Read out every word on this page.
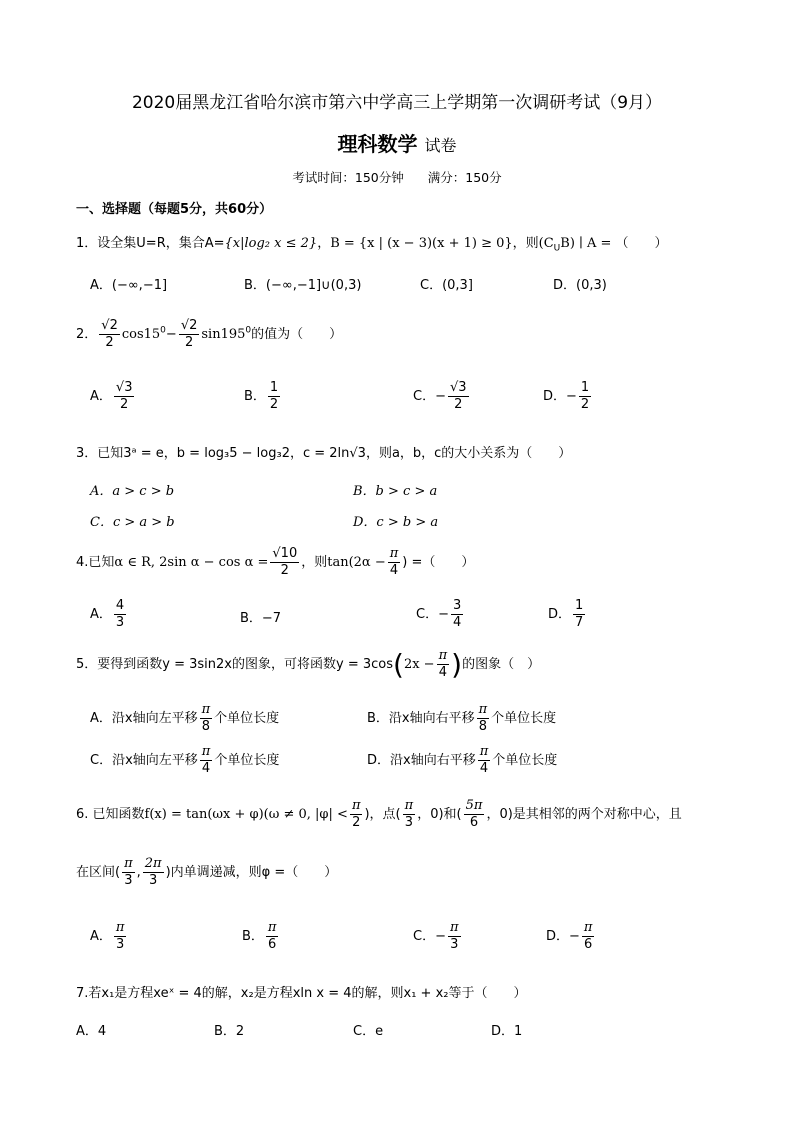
2020届黑龙江省哈尔滨市第六中学高三上学期第一次调研考试（9月）
理科数学 试卷
考试时间：150分钟 满分：150分
一、选择题（每题5分，共60分）
1．设全集U=R，集合A={x|log₂ x ≤ 2}，B = {x | (x − 3)(x + 1) ≥ 0}，则$(C_UB)$ ∣ A = （　　）
A．(−∞,−1]	B．(−∞,−1]∪(0,3)	C．(0,3]	D．(0,3)
2． $\frac{√2}{2} \cos 15^0- \frac{√2}{2} \sin 195^0$的值为（　　）
A． $\frac{√3}{2}$	B． $\frac{1}{2}$	C．− $\frac{√3}{2}$	D．− $\frac{1}{2}$
3．已知3ᵃ = e，b = log₃5 − log₃2，c = 2ln√3，则a，b，c的大小关系为（　　）
A．a > c > b	B．b > c > a
C．c > a > b	D．c > b > a
4.已知α ∈ R, 2sin $\alpha - \cos \alpha = \frac{√10}{2}$ ，则$\tan(2\alpha - \frac{\pi}{4}$ ) =（　　）
A． $\frac{4}{3}$	B．−7	C．− $\frac{3}{4}$	D． $\frac{1}{7}$
5．要得到函数y = 3sin2x的图象，可将函数$y = 3\cos(2x - \frac{\pi}{4}$ )的图象（　）
A．沿x轴向左平移 $\frac{\pi}{8}$ 个单位长度	B．沿x轴向右平移 $\frac{\pi}{8}$ 个单位长度
C．沿x轴向左平移 $\frac{\pi}{4}$ 个单位长度	D．沿x轴向右平移 $\frac{\pi}{4}$ 个单位长度
6. 已知函数f(x) = tan(ωx + φ)(ω ≠ 0, $|\varphi| < \frac{\pi}{2}$ )，点( $\frac{\pi}{3}$ ，0)和( $\frac{5\pi}{6}$ ，0)是其相邻的两个对称中心，且
在区间( $\frac{\pi}{3}$ , $\frac{2\pi}{3}$ )内单调递减，则φ =（　　）
A． $\frac{\pi}{3}$	B． $\frac{\pi}{6}$	C．− $\frac{\pi}{3}$	D．− $\frac{\pi}{6}$
7.若x₁是方程xeˣ = 4的解，x₂是方程xln x = 4的解，则x₁ + x₂等于（　　）
A．4	B．2	C．e	D．1
